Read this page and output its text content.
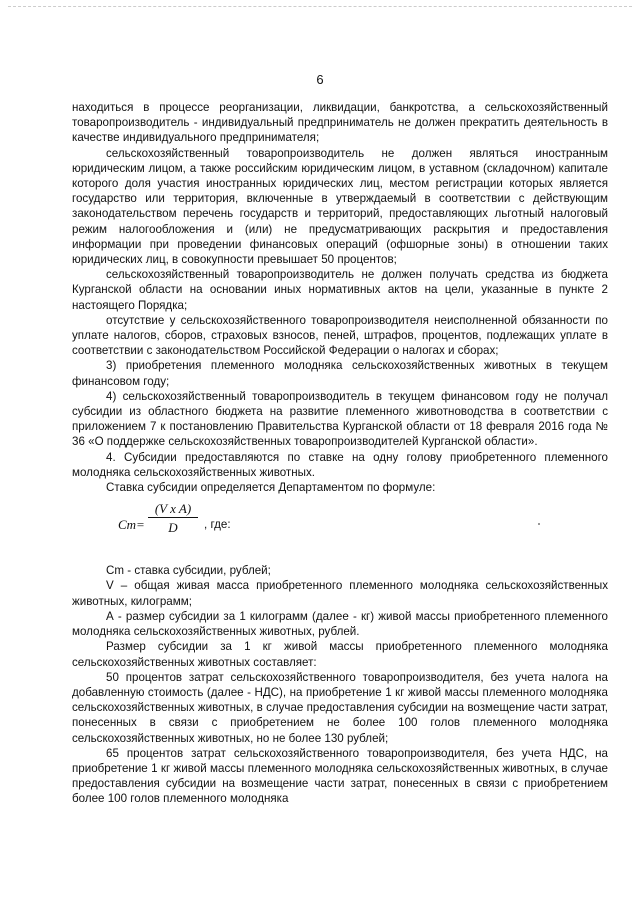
6

находиться в процессе реорганизации, ликвидации, банкротства, а сельскохозяйственный товаропроизводитель - индивидуальный предприниматель не должен прекратить деятельность в качестве индивидуального предпринимателя;

сельскохозяйственный товаропроизводитель не должен являться иностранным юридическим лицом, а также российским юридическим лицом, в уставном (складочном) капитале которого доля участия иностранных юридических лиц, местом регистрации которых является государство или территория, включенные в утверждаемый в соответствии с действующим законодательством перечень государств и территорий, предоставляющих льготный налоговый режим налогообложения и (или) не предусматривающих раскрытия и предоставления информации при проведении финансовых операций (офшорные зоны) в отношении таких юридических лиц, в совокупности превышает 50 процентов;

сельскохозяйственный товаропроизводитель не должен получать средства из бюджета Курганской области на основании иных нормативных актов на цели, указанные в пункте 2 настоящего Порядка;

отсутствие у сельскохозяйственного товаропроизводителя неисполненной обязанности по уплате налогов, сборов, страховых взносов, пеней, штрафов, процентов, подлежащих уплате в соответствии с законодательством Российской Федерации о налогах и сборах;

3) приобретения племенного молодняка сельскохозяйственных животных в текущем финансовом году;

4) сельскохозяйственный товаропроизводитель в текущем финансовом году не получал субсидии из областного бюджета на развитие племенного животноводства в соответствии с приложением 7 к постановлению Правительства Курганской области от 18 февраля 2016 года № 36 «О поддержке сельскохозяйственных товаропроизводителей Курганской области».

4. Субсидии предоставляются по ставке на одну голову приобретенного племенного молодняка сельскохозяйственных животных.

Ставка субсидии определяется Департаментом по формуле:

$Cm= \frac{\text{(V x A)}}{D}$ , где:

Cm - ставка субсидии, рублей;

V – общая живая масса приобретенного племенного молодняка сельскохозяйственных животных, килограмм;

А - размер субсидии за 1 килограмм (далее - кг) живой массы приобретенного племенного молодняка сельскохозяйственных животных, рублей.

Размер субсидии за 1 кг живой массы приобретенного племенного молодняка сельскохозяйственных животных составляет:

50 процентов затрат сельскохозяйственного товаропроизводителя, без учета налога на добавленную стоимость (далее - НДС), на приобретение 1 кг живой массы племенного молодняка сельскохозяйственных животных, в случае предоставления субсидии на возмещение части затрат, понесенных в связи с приобретением не более 100 голов племенного молодняка сельскохозяйственных животных, но не более 130 рублей;

65 процентов затрат сельскохозяйственного товаропроизводителя, без учета НДС, на приобретение 1 кг живой массы племенного молодняка сельскохозяйственных животных, в случае предоставления субсидии на возмещение части затрат, понесенных в связи с приобретением более 100 голов племенного молодняка
